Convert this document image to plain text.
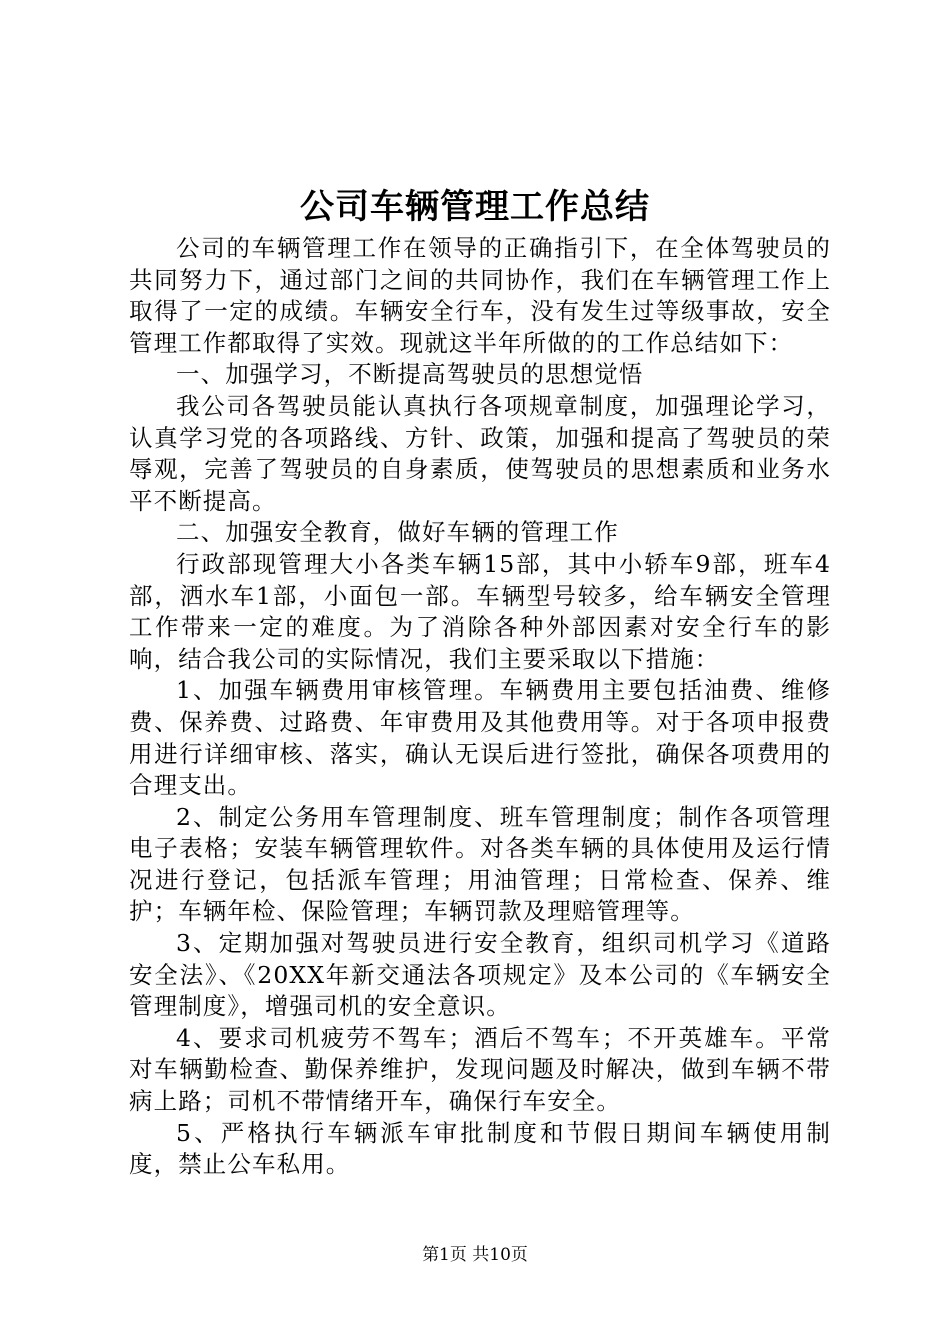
公司车辆管理工作总结

公司的车辆管理工作在领导的正确指引下，在全体驾驶员的共同努力下，通过部门之间的共同协作，我们在车辆管理工作上取得了一定的成绩。车辆安全行车，没有发生过等级事故，安全管理工作都取得了实效。现就这半年所做的的工作总结如下：

一、加强学习，不断提高驾驶员的思想觉悟

我公司各驾驶员能认真执行各项规章制度，加强理论学习，认真学习党的各项路线、方针、政策，加强和提高了驾驶员的荣辱观，完善了驾驶员的自身素质，使驾驶员的思想素质和业务水平不断提高。

二、加强安全教育，做好车辆的管理工作

行政部现管理大小各类车辆15部，其中小轿车9部，班车4部，洒水车1部，小面包一部。车辆型号较多，给车辆安全管理工作带来一定的难度。为了消除各种外部因素对安全行车的影响，结合我公司的实际情况，我们主要采取以下措施：

1、加强车辆费用审核管理。车辆费用主要包括油费、维修费、保养费、过路费、年审费用及其他费用等。对于各项申报费用进行详细审核、落实，确认无误后进行签批，确保各项费用的合理支出。

2、制定公务用车管理制度、班车管理制度；制作各项管理电子表格；安装车辆管理软件。对各类车辆的具体使用及运行情况进行登记，包括派车管理；用油管理；日常检查、保养、维护；车辆年检、保险管理；车辆罚款及理赔管理等。

3、定期加强对驾驶员进行安全教育，组织司机学习《道路安全法》、《20XX年新交通法各项规定》及本公司的《车辆安全管理制度》，增强司机的安全意识。

4、要求司机疲劳不驾车；酒后不驾车；不开英雄车。平常对车辆勤检查、勤保养维护，发现问题及时解决，做到车辆不带病上路；司机不带情绪开车，确保行车安全。

5、严格执行车辆派车审批制度和节假日期间车辆使用制度，禁止公车私用。

第1页 共10页
